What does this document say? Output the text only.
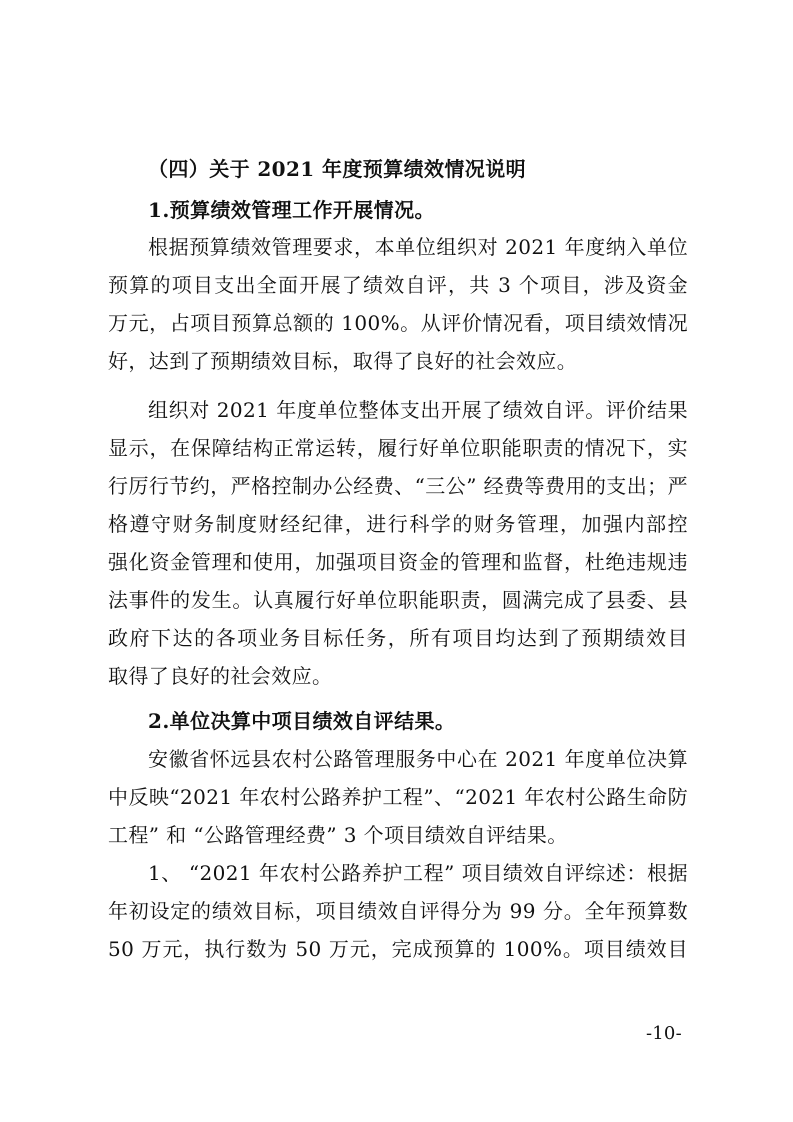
（四）关于 2021 年度预算绩效情况说明
1.预算绩效管理工作开展情况。
根据预算绩效管理要求，本单位组织对 2021 年度纳入单位
预算的项目支出全面开展了绩效自评，共 3 个项目，涉及资金
万元，占项目预算总额的 100%。从评价情况看，项目绩效情况
好，达到了预期绩效目标，取得了良好的社会效应。
组织对 2021 年度单位整体支出开展了绩效自评。评价结果
显示，在保障结构正常运转，履行好单位职能职责的情况下，实
行厉行节约，严格控制办公经费、“三公” 经费等费用的支出；严
格遵守财务制度财经纪律，进行科学的财务管理，加强内部控
强化资金管理和使用，加强项目资金的管理和监督，杜绝违规违
法事件的发生。认真履行好单位职能职责，圆满完成了县委、县
政府下达的各项业务目标任务，所有项目均达到了预期绩效目
取得了良好的社会效应。
2.单位决算中项目绩效自评结果。
安徽省怀远县农村公路管理服务中心在 2021 年度单位决算
中反映“2021 年农村公路养护工程”、“2021 年农村公路生命防
工程” 和 “公路管理经费” 3 个项目绩效自评结果。
1、 “2021 年农村公路养护工程” 项目绩效自评综述：根据
年初设定的绩效目标，项目绩效自评得分为 99 分。全年预算数
50 万元，执行数为 50 万元，完成预算的 100%。项目绩效目
-10-
